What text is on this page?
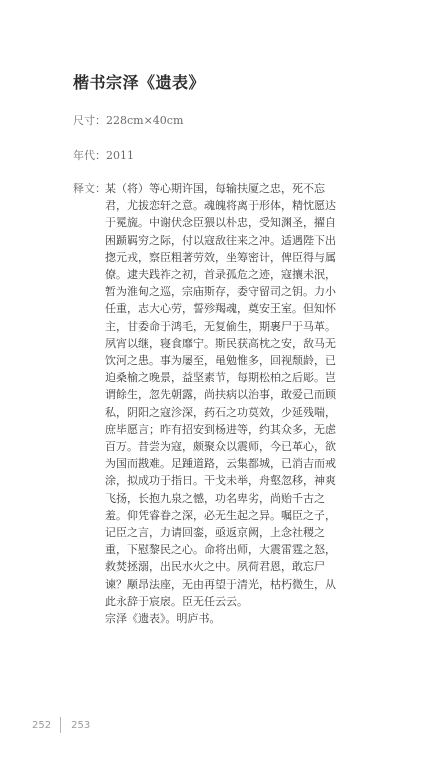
楷书宗泽《遗表》
尺寸：228cm×40cm
年代：2011
释文： 某（将）等心期许国，每输扶厦之忠，死不忘
君，尤拔恋轩之意。魂魄将离于形体，精忱愿达
于冕旒。中谢伏念臣猥以朴忠，受知渊圣，擢自
困踬羁穷之际，付以寇敌往来之冲。适遇陛下出
揔元戎，察臣粗著劳效，坐筹密计，俾臣得与属
僚。逮夫践祚之初，首录孤危之迹，寇攘未泯，
暂为淮甸之巡，宗庙斯存，委守留司之钥。力小
任重，志大心劳，誓殄羯魂，奠安王室。但知怀
主，甘委命于鸿毛，无复偷生，期裹尸于马革。
夙宵以继，寝食靡宁。斯民获高枕之安，敌马无
饮河之患。事为屡至，黾勉惟多，回视颓龄，已
迫桑榆之晚景，益坚素节，每期松柏之后彫。岂
谓餘生，忽先朝露，尚扶病以治事，敢爱己而顾
私，阴阳之寇沴深，药石之功莫效，少延残喘，
庶毕愿言；昨有招安到杨进等，约其众多，无虑
百万。昔尝为寇，颇聚众以震师，今已革心，欲
为国而戡难。足踵道路，云集都城，已消吉而戒
涂，拟成功于指日。干戈未举，舟壑忽移，神爽
飞扬，长抱九泉之憾，功名卑劣，尚贻千古之
羞。仰凭睿眷之深，必无生起之异。嘱臣之子，
记臣之言，力请回銮，亟返京阙，上念社稷之
重，下慰黎民之心。命将出师，大震雷霆之怒，
救焚拯溺，出民水火之中。夙荷君恩，敢忘尸
谏？颙昂法座，无由再望于清光，枯朽微生，从
此永辞于宸扆。臣无任云云。
宗泽《遗表》。明庐书。
252 253
